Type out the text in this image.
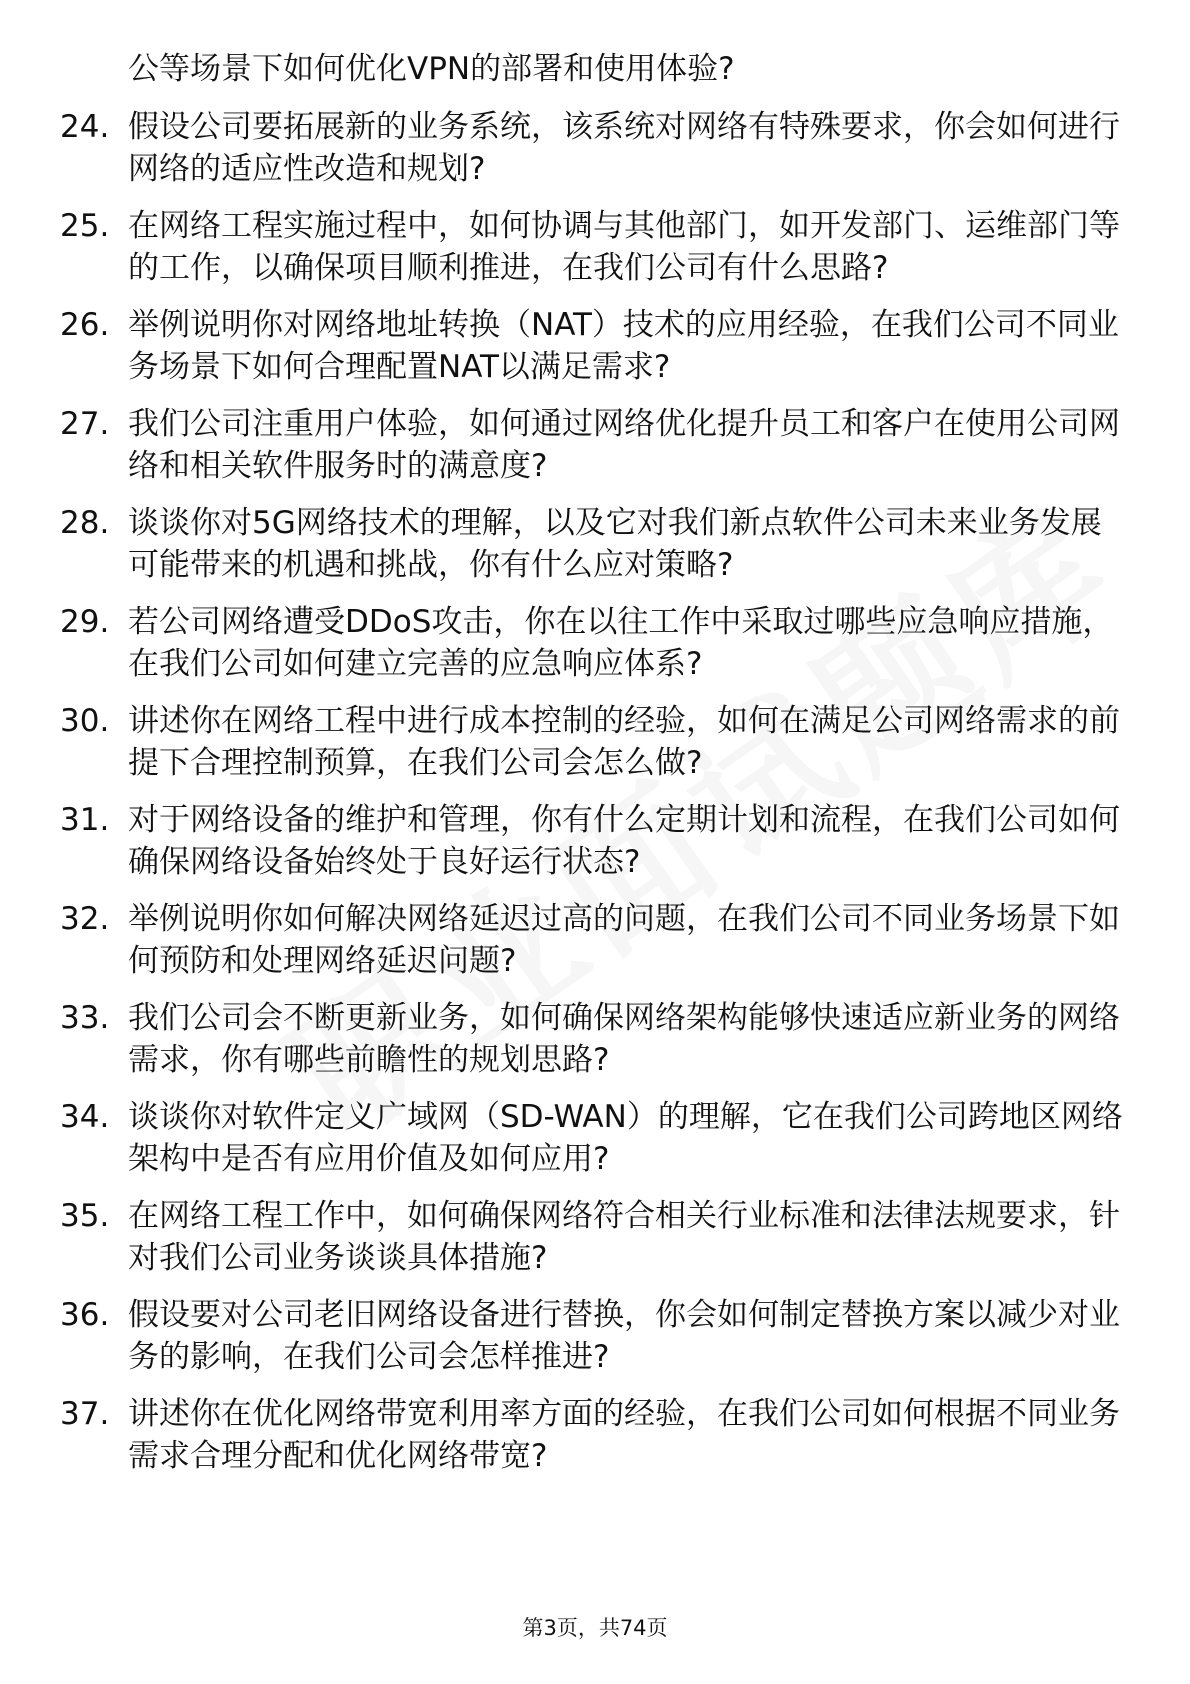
公等场景下如何优化VPN的部署和使用体验?
24. 假设公司要拓展新的业务系统，该系统对网络有特殊要求，你会如何进行网络的适应性改造和规划?
25. 在网络工程实施过程中，如何协调与其他部门，如开发部门、运维部门等的工作，以确保项目顺利推进，在我们公司有什么思路?
26. 举例说明你对网络地址转换（NAT）技术的应用经验，在我们公司不同业务场景下如何合理配置NAT以满足需求?
27. 我们公司注重用户体验，如何通过网络优化提升员工和客户在使用公司网络和相关软件服务时的满意度?
28. 谈谈你对5G网络技术的理解，以及它对我们新点软件公司未来业务发展可能带来的机遇和挑战，你有什么应对策略?
29. 若公司网络遭受DDoS攻击，你在以往工作中采取过哪些应急响应措施，在我们公司如何建立完善的应急响应体系?
30. 讲述你在网络工程中进行成本控制的经验，如何在满足公司网络需求的前提下合理控制预算，在我们公司会怎么做?
31. 对于网络设备的维护和管理，你有什么定期计划和流程，在我们公司如何确保网络设备始终处于良好运行状态?
32. 举例说明你如何解决网络延迟过高的问题，在我们公司不同业务场景下如何预防和处理网络延迟问题?
33. 我们公司会不断更新业务，如何确保网络架构能够快速适应新业务的网络需求，你有哪些前瞻性的规划思路?
34. 谈谈你对软件定义广域网（SD-WAN）的理解，它在我们公司跨地区网络架构中是否有应用价值及如何应用?
35. 在网络工程工作中，如何确保网络符合相关行业标准和法律法规要求，针对我们公司业务谈谈具体措施?
36. 假设要对公司老旧网络设备进行替换，你会如何制定替换方案以减少对业务的影响，在我们公司会怎样推进?
37. 讲述你在优化网络带宽利用率方面的经验，在我们公司如何根据不同业务需求合理分配和优化网络带宽?
第3页，共74页
